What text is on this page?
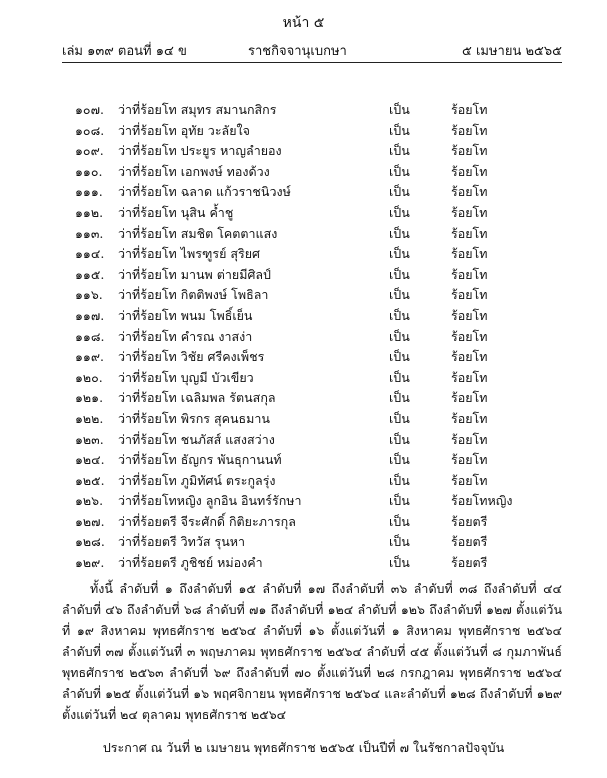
หน้า ๕
เล่ม ๑๓๙ ตอนที่ ๑๔ ข	ราชกิจจานุเบกษา	๕ เมษายน ๒๕๖๕
๑๐๗. ว่าที่ร้อยโท สมุทร สมานกสิกร	เป็น	ร้อยโท
๑๐๘. ว่าที่ร้อยโท อุทัย วะลัยใจ	เป็น	ร้อยโท
๑๐๙. ว่าที่ร้อยโท ประยูร หาญลำยอง	เป็น	ร้อยโท
๑๑๐. ว่าที่ร้อยโท เอกพงษ์ ทองด้วง	เป็น	ร้อยโท
๑๑๑. ว่าที่ร้อยโท ฉลาด แก้วราชนิวงษ์	เป็น	ร้อยโท
๑๑๒. ว่าที่ร้อยโท นุสิน ค้ำชู	เป็น	ร้อยโท
๑๑๓. ว่าที่ร้อยโท สมชิต โคตตาแสง	เป็น	ร้อยโท
๑๑๔. ว่าที่ร้อยโท ไพรฑูรย์ สุริยศ	เป็น	ร้อยโท
๑๑๕. ว่าที่ร้อยโท มานพ ต่ายมีศิลป์	เป็น	ร้อยโท
๑๑๖. ว่าที่ร้อยโท กิตติพงษ์ โพธิลา	เป็น	ร้อยโท
๑๑๗. ว่าที่ร้อยโท พนม โพธิ์เย็น	เป็น	ร้อยโท
๑๑๘. ว่าที่ร้อยโท คำรณ งาสง่า	เป็น	ร้อยโท
๑๑๙. ว่าที่ร้อยโท วิชัย ศรีคงเพ็ชร	เป็น	ร้อยโท
๑๒๐. ว่าที่ร้อยโท บุญมี บัวเขียว	เป็น	ร้อยโท
๑๒๑. ว่าที่ร้อยโท เฉลิมพล รัตนสกุล	เป็น	ร้อยโท
๑๒๒. ว่าที่ร้อยโท พิรกร สุคนธมาน	เป็น	ร้อยโท
๑๒๓. ว่าที่ร้อยโท ชนภัสส์ แสงสว่าง	เป็น	ร้อยโท
๑๒๔. ว่าที่ร้อยโท ธัญกร พันธุกานนท์	เป็น	ร้อยโท
๑๒๕. ว่าที่ร้อยโท ภูมิทัศน์ ตระกูลรุ่ง	เป็น	ร้อยโท
๑๒๖. ว่าที่ร้อยโทหญิง ลูกอิน อินทร์รักษา	เป็น	ร้อยโทหญิง
๑๒๗. ว่าที่ร้อยตรี จีระศักดิ์ กิติยะภารกุล	เป็น	ร้อยตรี
๑๒๘. ว่าที่ร้อยตรี วิทวัส รุนหา	เป็น	ร้อยตรี
๑๒๙. ว่าที่ร้อยตรี ภูชิชย์ หม่องคำ	เป็น	ร้อยตรี
ทั้งนี้ ลำดับที่ ๑ ถึงลำดับที่ ๑๕ ลำดับที่ ๑๗ ถึงลำดับที่ ๓๖ ลำดับที่ ๓๘ ถึงลำดับที่ ๔๔ ลำดับที่ ๔๖ ถึงลำดับที่ ๖๘ ลำดับที่ ๗๑ ถึงลำดับที่ ๑๒๔ ลำดับที่ ๑๒๖ ถึงลำดับที่ ๑๒๗ ตั้งแต่วันที่ ๑๙ สิงหาคม พุทธศักราช ๒๕๖๔ ลำดับที่ ๑๖ ตั้งแต่วันที่ ๑ สิงหาคม พุทธศักราช ๒๕๖๔ ลำดับที่ ๓๗ ตั้งแต่วันที่ ๓ พฤษภาคม พุทธศักราช ๒๕๖๔ ลำดับที่ ๔๕ ตั้งแต่วันที่ ๘ กุมภาพันธ์ พุทธศักราช ๒๕๖๓ ลำดับที่ ๖๙ ถึงลำดับที่ ๗๐ ตั้งแต่วันที่ ๒๘ กรกฎาคม พุทธศักราช ๒๕๖๔ ลำดับที่ ๑๒๕ ตั้งแต่วันที่ ๑๖ พฤศจิกายน พุทธศักราช ๒๕๖๔ และลำดับที่ ๑๒๘ ถึงลำดับที่ ๑๒๙ ตั้งแต่วันที่ ๒๔ ตุลาคม พุทธศักราช ๒๕๖๔
ประกาศ ณ วันที่ ๒ เมษายน พุทธศักราช ๒๕๖๕ เป็นปีที่ ๗ ในรัชกาลปัจจุบัน
